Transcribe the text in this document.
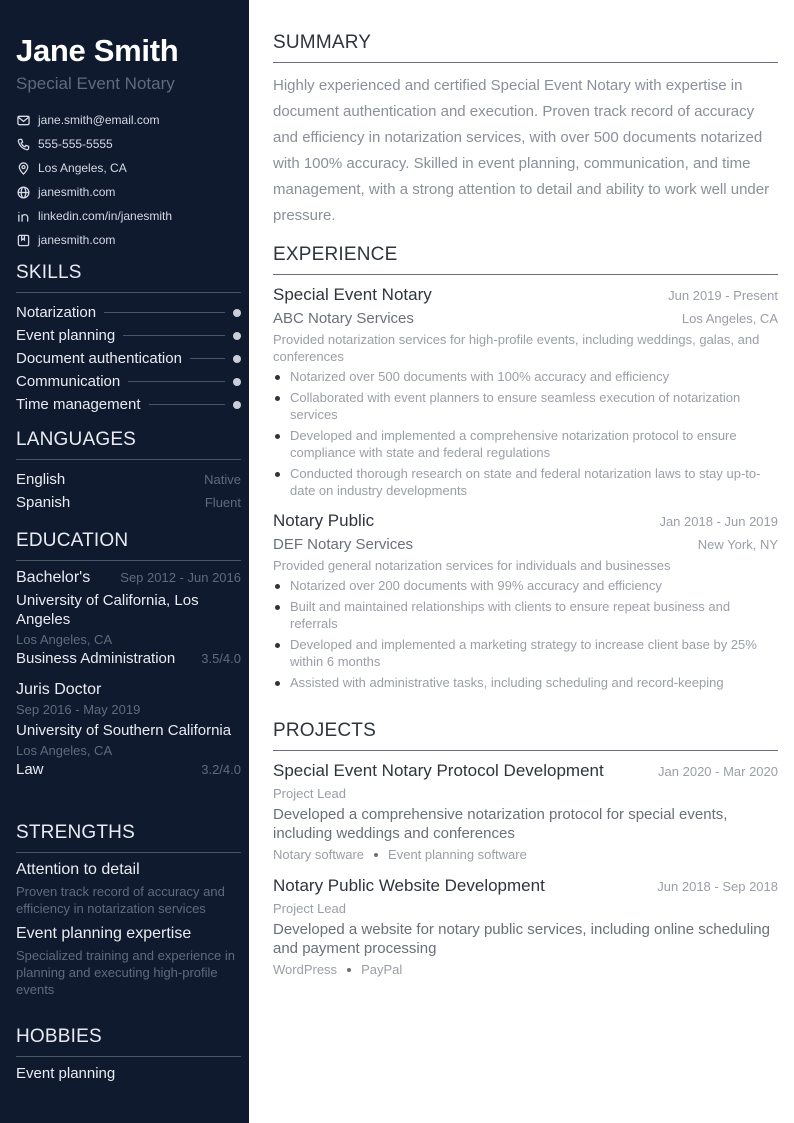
Jane Smith
Special Event Notary
jane.smith@email.com
555-555-5555
Los Angeles, CA
janesmith.com
linkedin.com/in/janesmith
janesmith.com
SKILLS
Notarization
Event planning
Document authentication
Communication
Time management
LANGUAGES
English	Native
Spanish	Fluent
EDUCATION
Bachelor's Sep 2012 - Jun 2016
University of California, Los Angeles
Los Angeles, CA
Business Administration 3.5/4.0
Juris Doctor
Sep 2016 - May 2019
University of Southern California
Los Angeles, CA
Law	3.2/4.0
STRENGTHS
Attention to detail
Proven track record of accuracy and efficiency in notarization services
Event planning expertise
Specialized training and experience in planning and executing high-profile events
HOBBIES
Event planning
SUMMARY
Highly experienced and certified Special Event Notary with expertise in document authentication and execution. Proven track record of accuracy and efficiency in notarization services, with over 500 documents notarized with 100% accuracy. Skilled in event planning, communication, and time management, with a strong attention to detail and ability to work well under pressure.
EXPERIENCE
Special Event Notary	Jun 2019 - Present
ABC Notary Services	Los Angeles, CA
Provided notarization services for high-profile events, including weddings, galas, and conferences
Notarized over 500 documents with 100% accuracy and efficiency
Collaborated with event planners to ensure seamless execution of notarization services
Developed and implemented a comprehensive notarization protocol to ensure compliance with state and federal regulations
Conducted thorough research on state and federal notarization laws to stay up-to-date on industry developments
Notary Public	Jan 2018 - Jun 2019
DEF Notary Services	New York, NY
Provided general notarization services for individuals and businesses
Notarized over 200 documents with 99% accuracy and efficiency
Built and maintained relationships with clients to ensure repeat business and referrals
Developed and implemented a marketing strategy to increase client base by 25% within 6 months
Assisted with administrative tasks, including scheduling and record-keeping
PROJECTS
Special Event Notary Protocol Development	Jan 2020 - Mar 2020
Project Lead
Developed a comprehensive notarization protocol for special events, including weddings and conferences
Notary software Event planning software
Notary Public Website Development	Jun 2018 - Sep 2018
Project Lead
Developed a website for notary public services, including online scheduling and payment processing
WordPress PayPal
